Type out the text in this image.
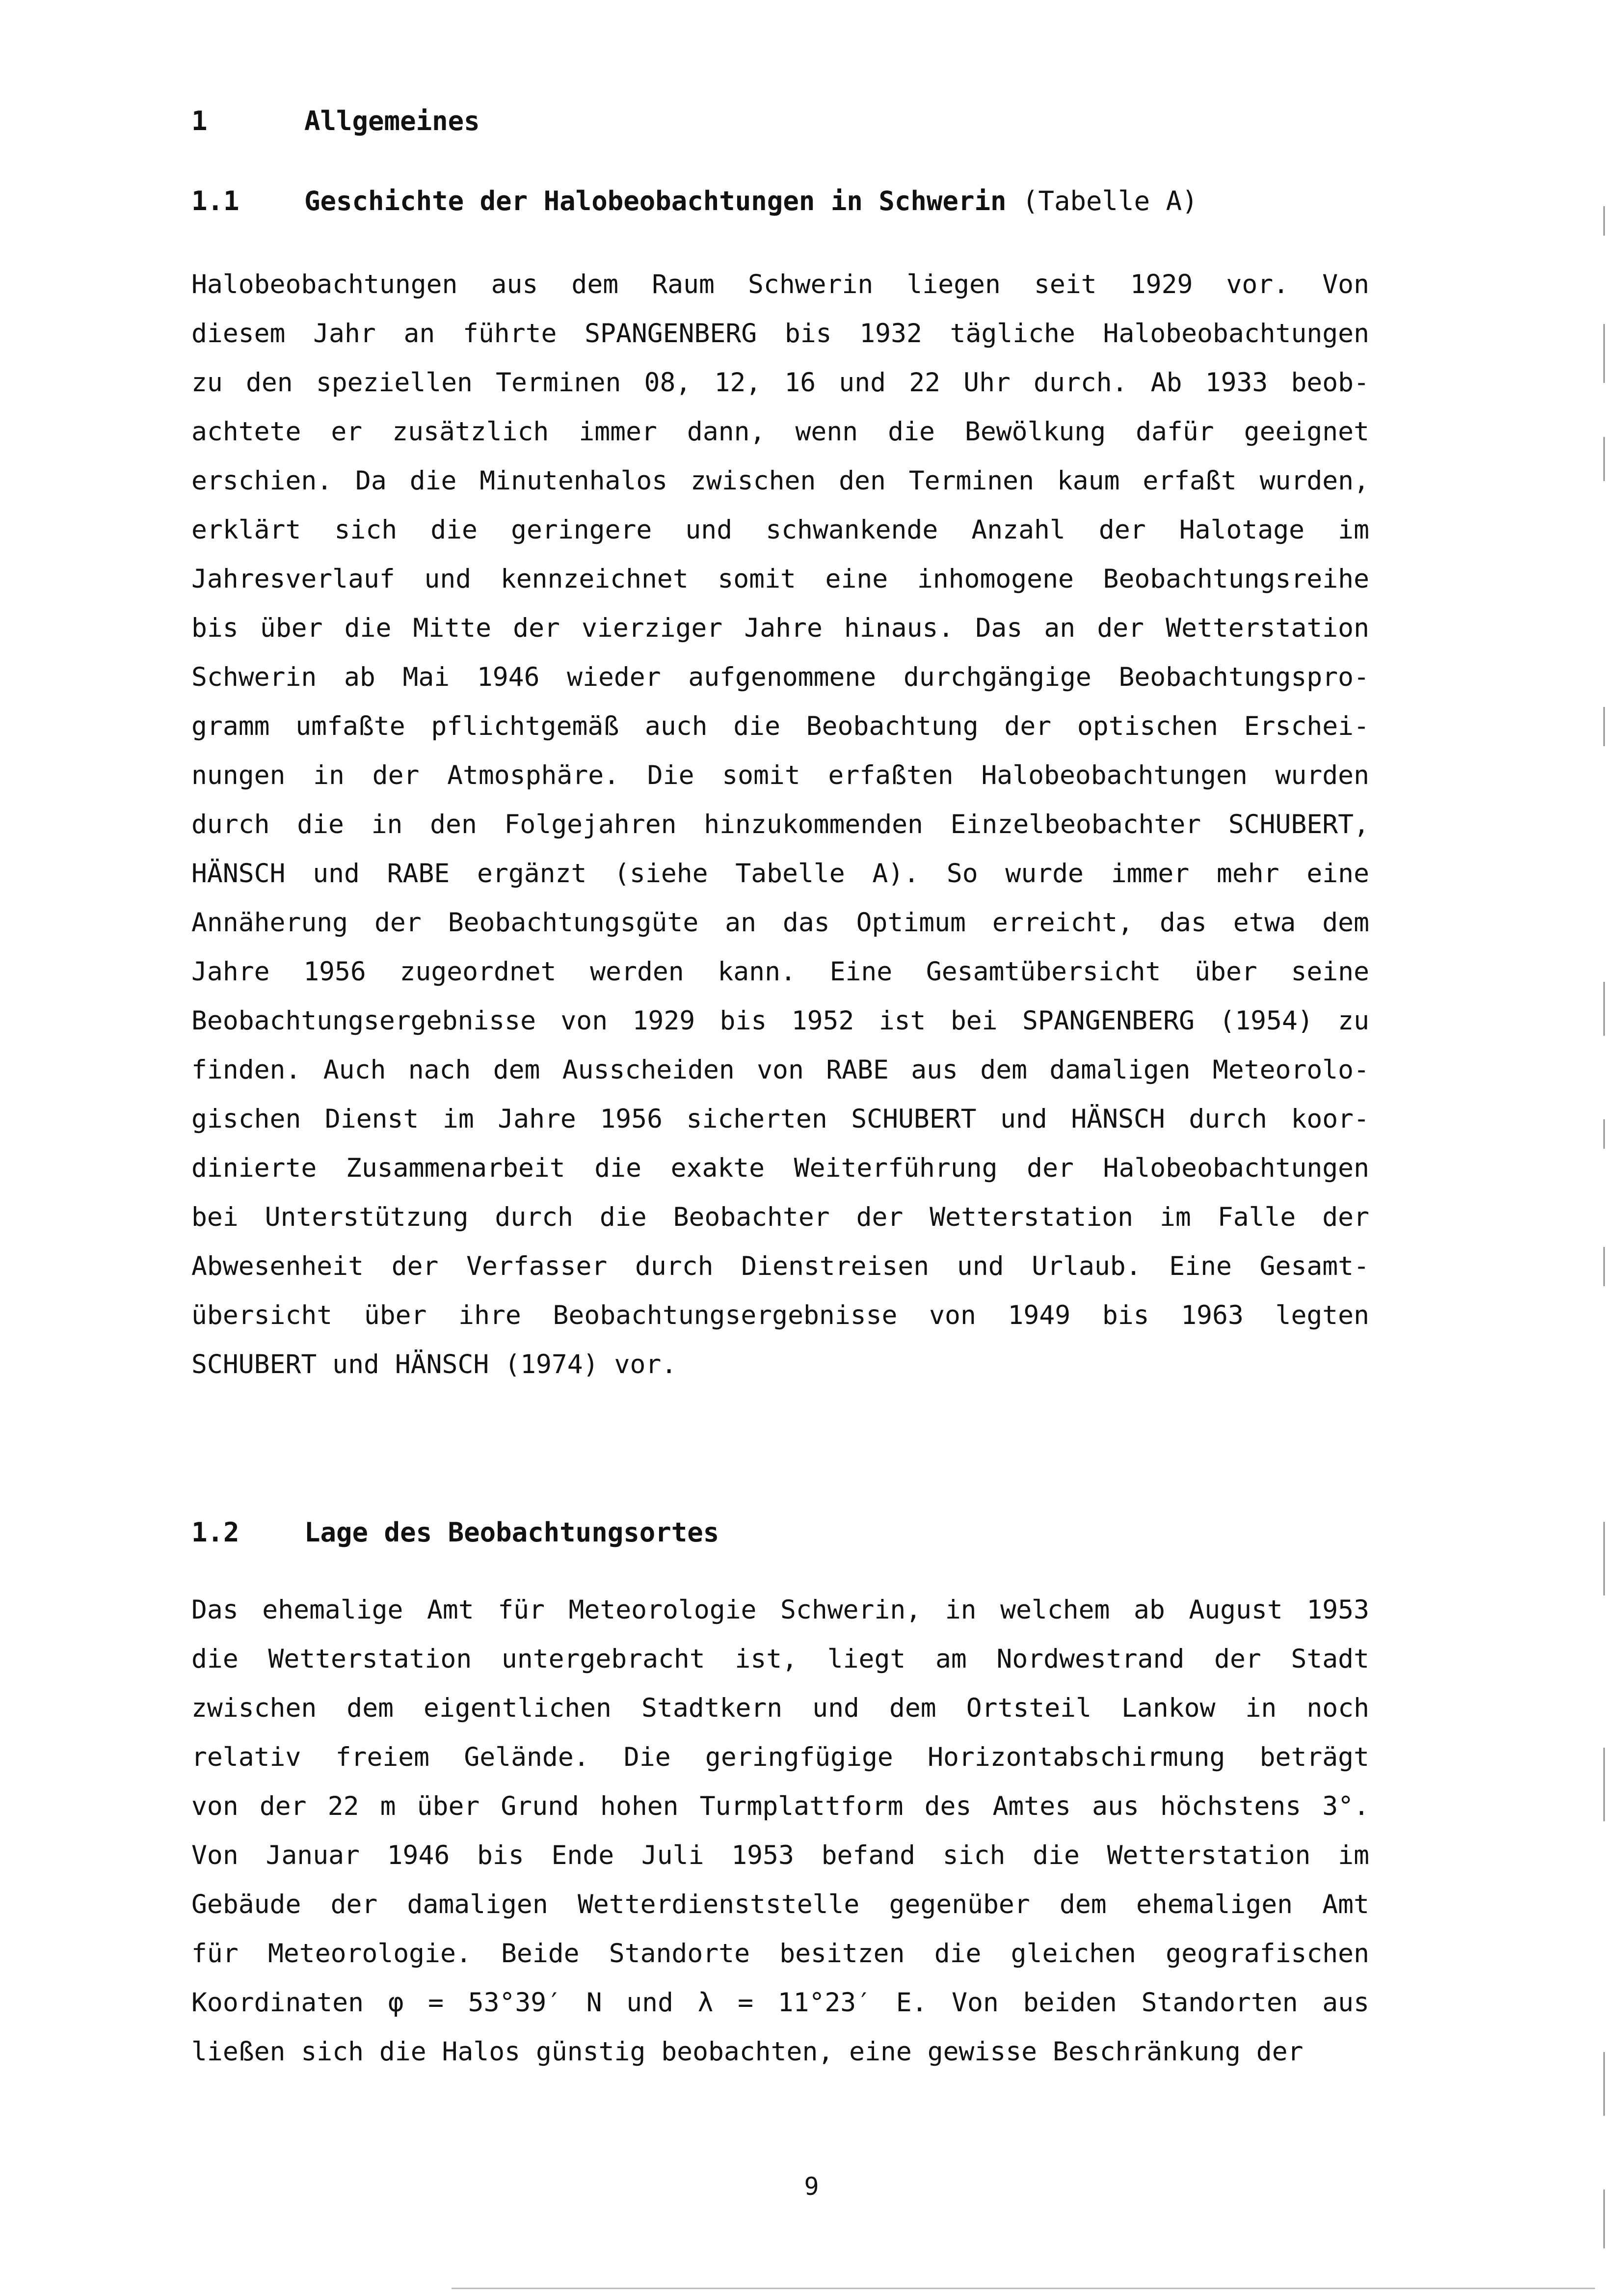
1	Allgemeines
1.1 Geschichte der Halobeobachtungen in Schwerin (Tabelle A)
Halobeobachtungen aus dem Raum Schwerin liegen seit 1929 vor. Von
diesem Jahr an führte SPANGENBERG bis 1932 tägliche Halobeobachtungen
zu den speziellen Terminen 08, 12, 16 und 22 Uhr durch. Ab 1933 beob-
achtete er zusätzlich immer dann, wenn die Bewölkung dafür geeignet
erschien. Da die Minutenhalos zwischen den Terminen kaum erfaßt wurden,
erklärt sich die geringere und schwankende Anzahl der Halotage im
Jahresverlauf und kennzeichnet somit eine inhomogene Beobachtungsreihe
bis über die Mitte der vierziger Jahre hinaus. Das an der Wetterstation
Schwerin ab Mai 1946 wieder aufgenommene durchgängige Beobachtungspro-
gramm umfaßte pflichtgemäß auch die Beobachtung der optischen Erschei-
nungen in der Atmosphäre. Die somit erfaßten Halobeobachtungen wurden
durch die in den Folgejahren hinzukommenden Einzelbeobachter SCHUBERT,
HÄNSCH und RABE ergänzt (siehe Tabelle A). So wurde immer mehr eine
Annäherung der Beobachtungsgüte an das Optimum erreicht, das etwa dem
Jahre 1956 zugeordnet werden kann. Eine Gesamtübersicht über seine
Beobachtungsergebnisse von 1929 bis 1952 ist bei SPANGENBERG (1954) zu
finden. Auch nach dem Ausscheiden von RABE aus dem damaligen Meteorolo-
gischen Dienst im Jahre 1956 sicherten SCHUBERT und HÄNSCH durch koor-
dinierte Zusammenarbeit die exakte Weiterführung der Halobeobachtungen
bei Unterstützung durch die Beobachter der Wetterstation im Falle der
Abwesenheit der Verfasser durch Dienstreisen und Urlaub. Eine Gesamt-
übersicht über ihre Beobachtungsergebnisse von 1949 bis 1963 legten
SCHUBERT und HÄNSCH (1974) vor.
1.2 Lage des Beobachtungsortes
Das ehemalige Amt für Meteorologie Schwerin, in welchem ab August 1953
die Wetterstation untergebracht ist, liegt am Nordwestrand der Stadt
zwischen dem eigentlichen Stadtkern und dem Ortsteil Lankow in noch
relativ freiem Gelände. Die geringfügige Horizontabschirmung beträgt
von der 22 m über Grund hohen Turmplattform des Amtes aus höchstens 3°.
Von Januar 1946 bis Ende Juli 1953 befand sich die Wetterstation im
Gebäude der damaligen Wetterdienststelle gegenüber dem ehemaligen Amt
für Meteorologie. Beide Standorte besitzen die gleichen geografischen
Koordinaten φ = 53°39′ N und λ = 11°23′ E. Von beiden Standorten aus
ließen sich die Halos günstig beobachten, eine gewisse Beschränkung der
9
